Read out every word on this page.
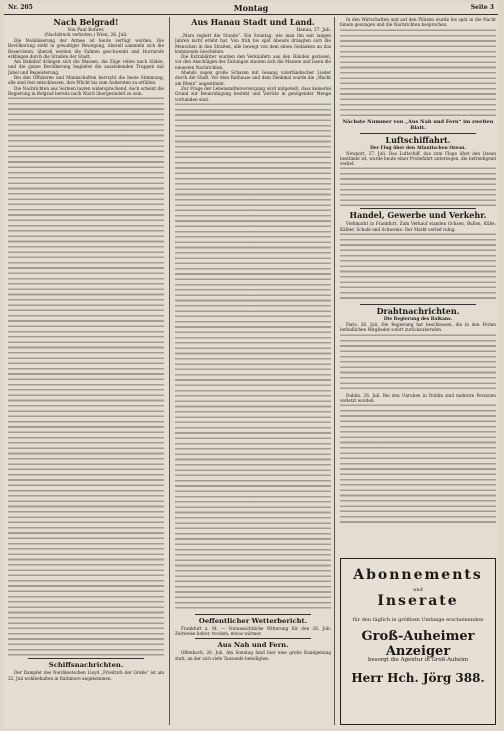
Nr. 205	Montag	Seite 3
Nach Belgrad!
Von Paul Bohrer.
(Nachdruck verboten.) Wien, 26. Juli.

Die Mobilisierung der Armee ist heute verfügt worden. Die Bevölkerung steht in gewaltiger Bewegung, überall sammeln sich die Reservisten, überall werden die Fahnen geschwenkt und Hurrarufe erklingen durch die Straßen der Stadt.

Am Bahnhof drängen sich die Massen, die Züge rollen nach Süden, und die ganze Bevölkerung begleitet die ausziehenden Truppen mit Jubel und Begeisterung.

Bei den Offizieren und Mannschaften herrscht die beste Stimmung, alle sind fest entschlossen, ihre Pflicht bis zum Äußersten zu erfüllen.

Die Nachrichten aus Serbien lauten widersprechend, doch scheint die Regierung in Belgrad bereits nach Nisch übergesiedelt zu sein.

Schiffsnachrichten.

Der Dampfer des Norddeutschen Lloyd „Friedrich der Große“ ist am 22. Juli wohlbehalten in Baltimore angekommen.

Aus Hanau Stadt und Land.
Hanau, 27. Juli.

„Mars regiert die Stunde“. Ein Sonntag, wie man ihn seit langen Jahren nicht erlebt hat. Von früh bis spät Abends drängten sich die Menschen in den Straßen, alle bewegt von dem einen Gedanken an das kommende Geschehen.

Die Extrablätter wurden den Verkäufern aus den Händen gerissen, vor den Anschlägen der Zeitungen stauten sich die Massen und lasen die neuesten Nachrichten.

Abends zogen große Scharen mit Gesang vaterländischer Lieder durch die Stadt. Vor dem Rathause und dem Denkmal wurde die „Wacht am Rhein“ angestimmt.

Zur Frage der Lebensmittelversorgung wird mitgeteilt, dass keinerlei Grund zur Beunruhigung besteht und Vorräte in genügender Menge vorhanden sind.

Oeffentlicher Wetterbericht.

Frankfurt a. M. — Voraussichtliche Witterung für den 28. Juli: Zeitweise heiter, trocken, etwas wärmer.

Aus Nah und Fern.

Offenbach, 26. Juli. Am Sonntag fand hier eine große Kundgebung statt, an der sich viele Tausende beteiligten.

In den Wirtschaften und auf den Plätzen wurde bis spät in die Nacht hinein gesungen und die Nachrichten besprochen.

Nächste Nummer von „Aus Nah und Fern“ im zweiten Blatt.
Luftschiffahrt.
Der Flug über den Atlantischen Ozean.

Newport, 27. Juli. Das Luftschiff, das zum Fluge über den Ozean bestimmt ist, wurde heute einer Probefahrt unterzogen, die befriedigend verlief.

Handel, Gewerbe und Verkehr.

Viehmarkt in Frankfurt. Zum Verkauf standen Ochsen, Bullen, Kühe, Kälber, Schafe und Schweine. Der Markt verlief ruhig.

Drahtnachrichten.
Die Regierung des Balkans.

Paris, 26. Juli. Die Regierung hat beschlossen, die in den Ferien befindlichen Mitglieder sofort zurückzuberufen.

Dublin, 26. Juli. Bei den Unruhen in Dublin sind mehrere Personen verletzt worden.

Abonnements
und
Inserate
für den täglich in größtem Umfange erscheinenden
Groß-Auheimer Anzeiger
besorgt die Agentur in Groß-Auheim
Herr Hch. Jörg 388.
